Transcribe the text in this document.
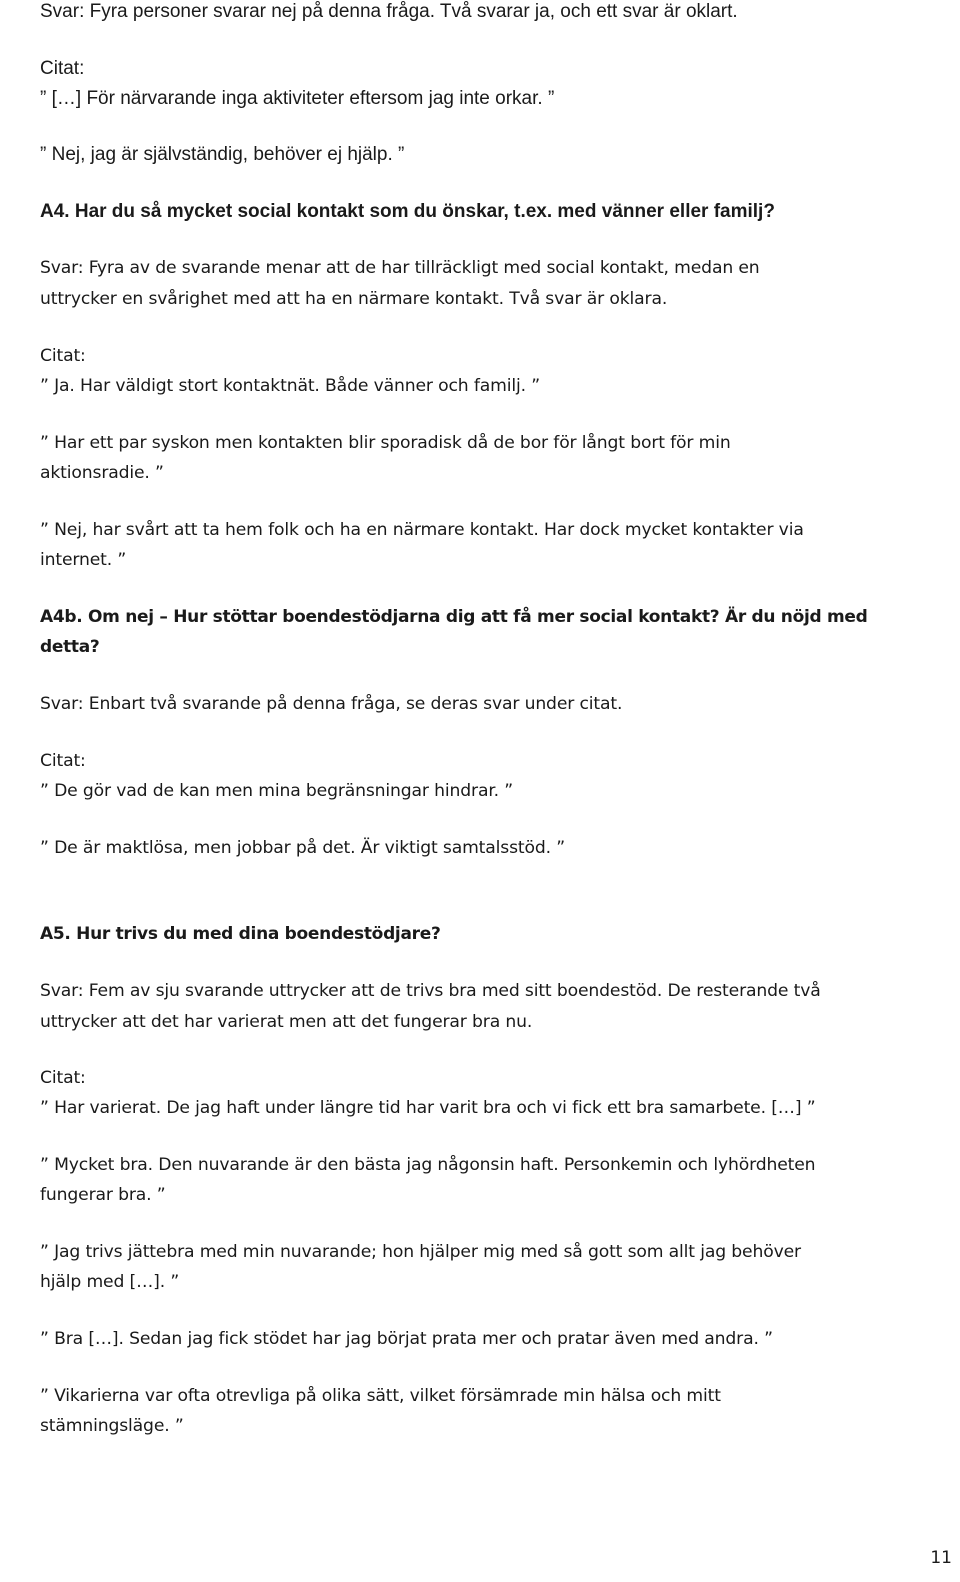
Svar: Fyra personer svarar nej på denna fråga. Två svarar ja, och ett svar är oklart.
Citat:
” […] För närvarande inga aktiviteter eftersom jag inte orkar. ”
” Nej, jag är självständig, behöver ej hjälp. ”
A4. Har du så mycket social kontakt som du önskar, t.ex. med vänner eller familj?
Svar: Fyra av de svarande menar att de har tillräckligt med social kontakt, medan en
uttrycker en svårighet med att ha en närmare kontakt. Två svar är oklara.
Citat:
” Ja. Har väldigt stort kontaktnät. Både vänner och familj. ”
” Har ett par syskon men kontakten blir sporadisk då de bor för långt bort för min
aktionsradie. ”
” Nej, har svårt att ta hem folk och ha en närmare kontakt. Har dock mycket kontakter via
internet. ”
A4b. Om nej – Hur stöttar boendestödjarna dig att få mer social kontakt? Är du nöjd med
detta?
Svar: Enbart två svarande på denna fråga, se deras svar under citat.
Citat:
” De gör vad de kan men mina begränsningar hindrar. ”
” De är maktlösa, men jobbar på det. Är viktigt samtalsstöd. ”
A5. Hur trivs du med dina boendestödjare?
Svar: Fem av sju svarande uttrycker att de trivs bra med sitt boendestöd. De resterande två
uttrycker att det har varierat men att det fungerar bra nu.
Citat:
” Har varierat. De jag haft under längre tid har varit bra och vi fick ett bra samarbete. […] ”
” Mycket bra. Den nuvarande är den bästa jag någonsin haft. Personkemin och lyhördheten
fungerar bra. ”
” Jag trivs jättebra med min nuvarande; hon hjälper mig med så gott som allt jag behöver
hjälp med […]. ”
” Bra […]. Sedan jag fick stödet har jag börjat prata mer och pratar även med andra. ”
” Vikarierna var ofta otrevliga på olika sätt, vilket försämrade min hälsa och mitt
stämningsläge. ”
11
